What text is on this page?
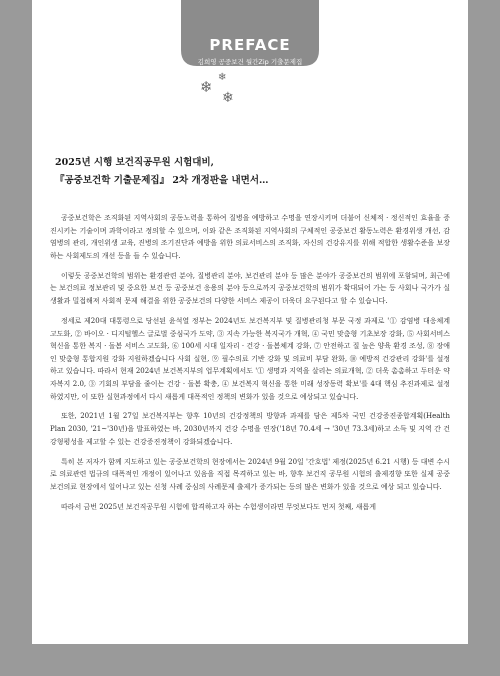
PREFACE
김희영 공중보건 월간Zip 기출문제집
❄
❄
❄
2025년 시행 보건직공무원 시험대비,
『공중보건학 기출문제집』 2차 개정판을 내면서…

공중보건학은 조직화된 지역사회의 공동노력을 통하여 질병을 예방하고 수명을 연장시키며 더불어 신체적 · 정신적인 효율을 증진시키는 기술이며 과학이라고 정의할 수 있으며, 이와 같은 조직화된 지역사회의 구체적인 공중보건 활동노력은 환경위생 개선, 감염병의 관리, 개인위생 교육, 진병의 조기진단과 예방을 위한 의료서비스의 조직화, 자신의 건강유지를 위해 적합한 생활수준을 보장하는 사회제도의 개선 등을 들 수 있습니다.

이렇듯 공중보건학의 범위는 환경관련 분야, 질병관리 분야, 보건관리 분야 등 많은 분야가 공중보건의 범위에 포함되며, 최근에는 보건의료 정보관리 및 중요한 보건 등 공중보건 응용의 분야 등으로까지 공중보건학의 범위가 확대되어 가는 등 사회나 국가가 실생활과 밀접해져 사회적 문제 해결을 위한 공중보건의 다양한 서비스 제공이 더욱더 요구된다고 할 수 있습니다.

정세로 제20대 대통령으로 당선된 윤석열 정부는 2024년도 보건복지부 및 질병관리청 부문 국정 과제로 '① 감염병 대응체계 고도화, ② 바이오 · 디지털헬스 글로벌 중심국가 도약, ③ 지속 가능한 복지국가 개혁, ④ 국민 맞춤형 기초보장 강화, ⑤ 사회서비스 혁신을 통한 복지 · 돌봄 서비스 고도화, ⑥ 100세 시대 일자리 · 건강 · 돌봄체계 강화, ⑦ 안전하고 질 높은 양육 환경 조성, ⑧ 장애인 맞춤형 통합지원 강화 지원하겠습니다 사회 실현, ⑨ 필수의료 기반 강화 및 의료비 부담 완화, ⑩ 예방적 건강관리 강화'를 설정하고 있습니다. 따라서 현재 2024년 보건복지부의 업무계획에서도 '① 생명과 지역을 살리는 의료개혁, ② 더욱 촘촘하고 두터운 약자복지 2.0, ③ 기회의 부담을 줄이는 건강 · 돌봄 확충, ④ 보건복지 혁신을 통한 미래 성장동력 확보'를 4대 핵심 추진과제로 설정하였지만, 이 또한 실현과정에서 다시 새롭게 대폭적인 정책의 변화가 있을 것으로 예상되고 있습니다.

또한, 2021년 1월 27일 보건복지부는 향후 10년의 건강정책의 방향과 과제를 담은 제5차 국민 건강증진종합계획(Health Plan 2030, '21~'30년)을 발표하였는 바, 2030년까지 건강 수명을 연장('18년 70.4세 → '30년 73.3세)하고 소득 및 지역 간 건강형평성을 제고할 수 있는 건강증진정책이 강화되겠습니다.

특히 본 저자가 함께 지도하고 있는 공중보건학의 현장에서는 2024년 9월 20일 '간호법' 제정(2025년 6.21 시행) 등 대변 수시로 의료관련 법규의 대폭적인 개정이 있어나고 있음을 직접 목격하고 있는 바, 향후 보건직 공무원 시험의 출제경향 또한 실제 공중보건의료 현장에서 일어나고 있는 신청 사례 중심의 사례문제 출제가 증가되는 등의 많은 변화가 있을 것으로 예상 되고 있습니다.

따라서 금번 2025년 보건직공무원 시험에 합격하고자 하는 수험생이라면 무엇보다도 먼저 첫째, 새롭게
